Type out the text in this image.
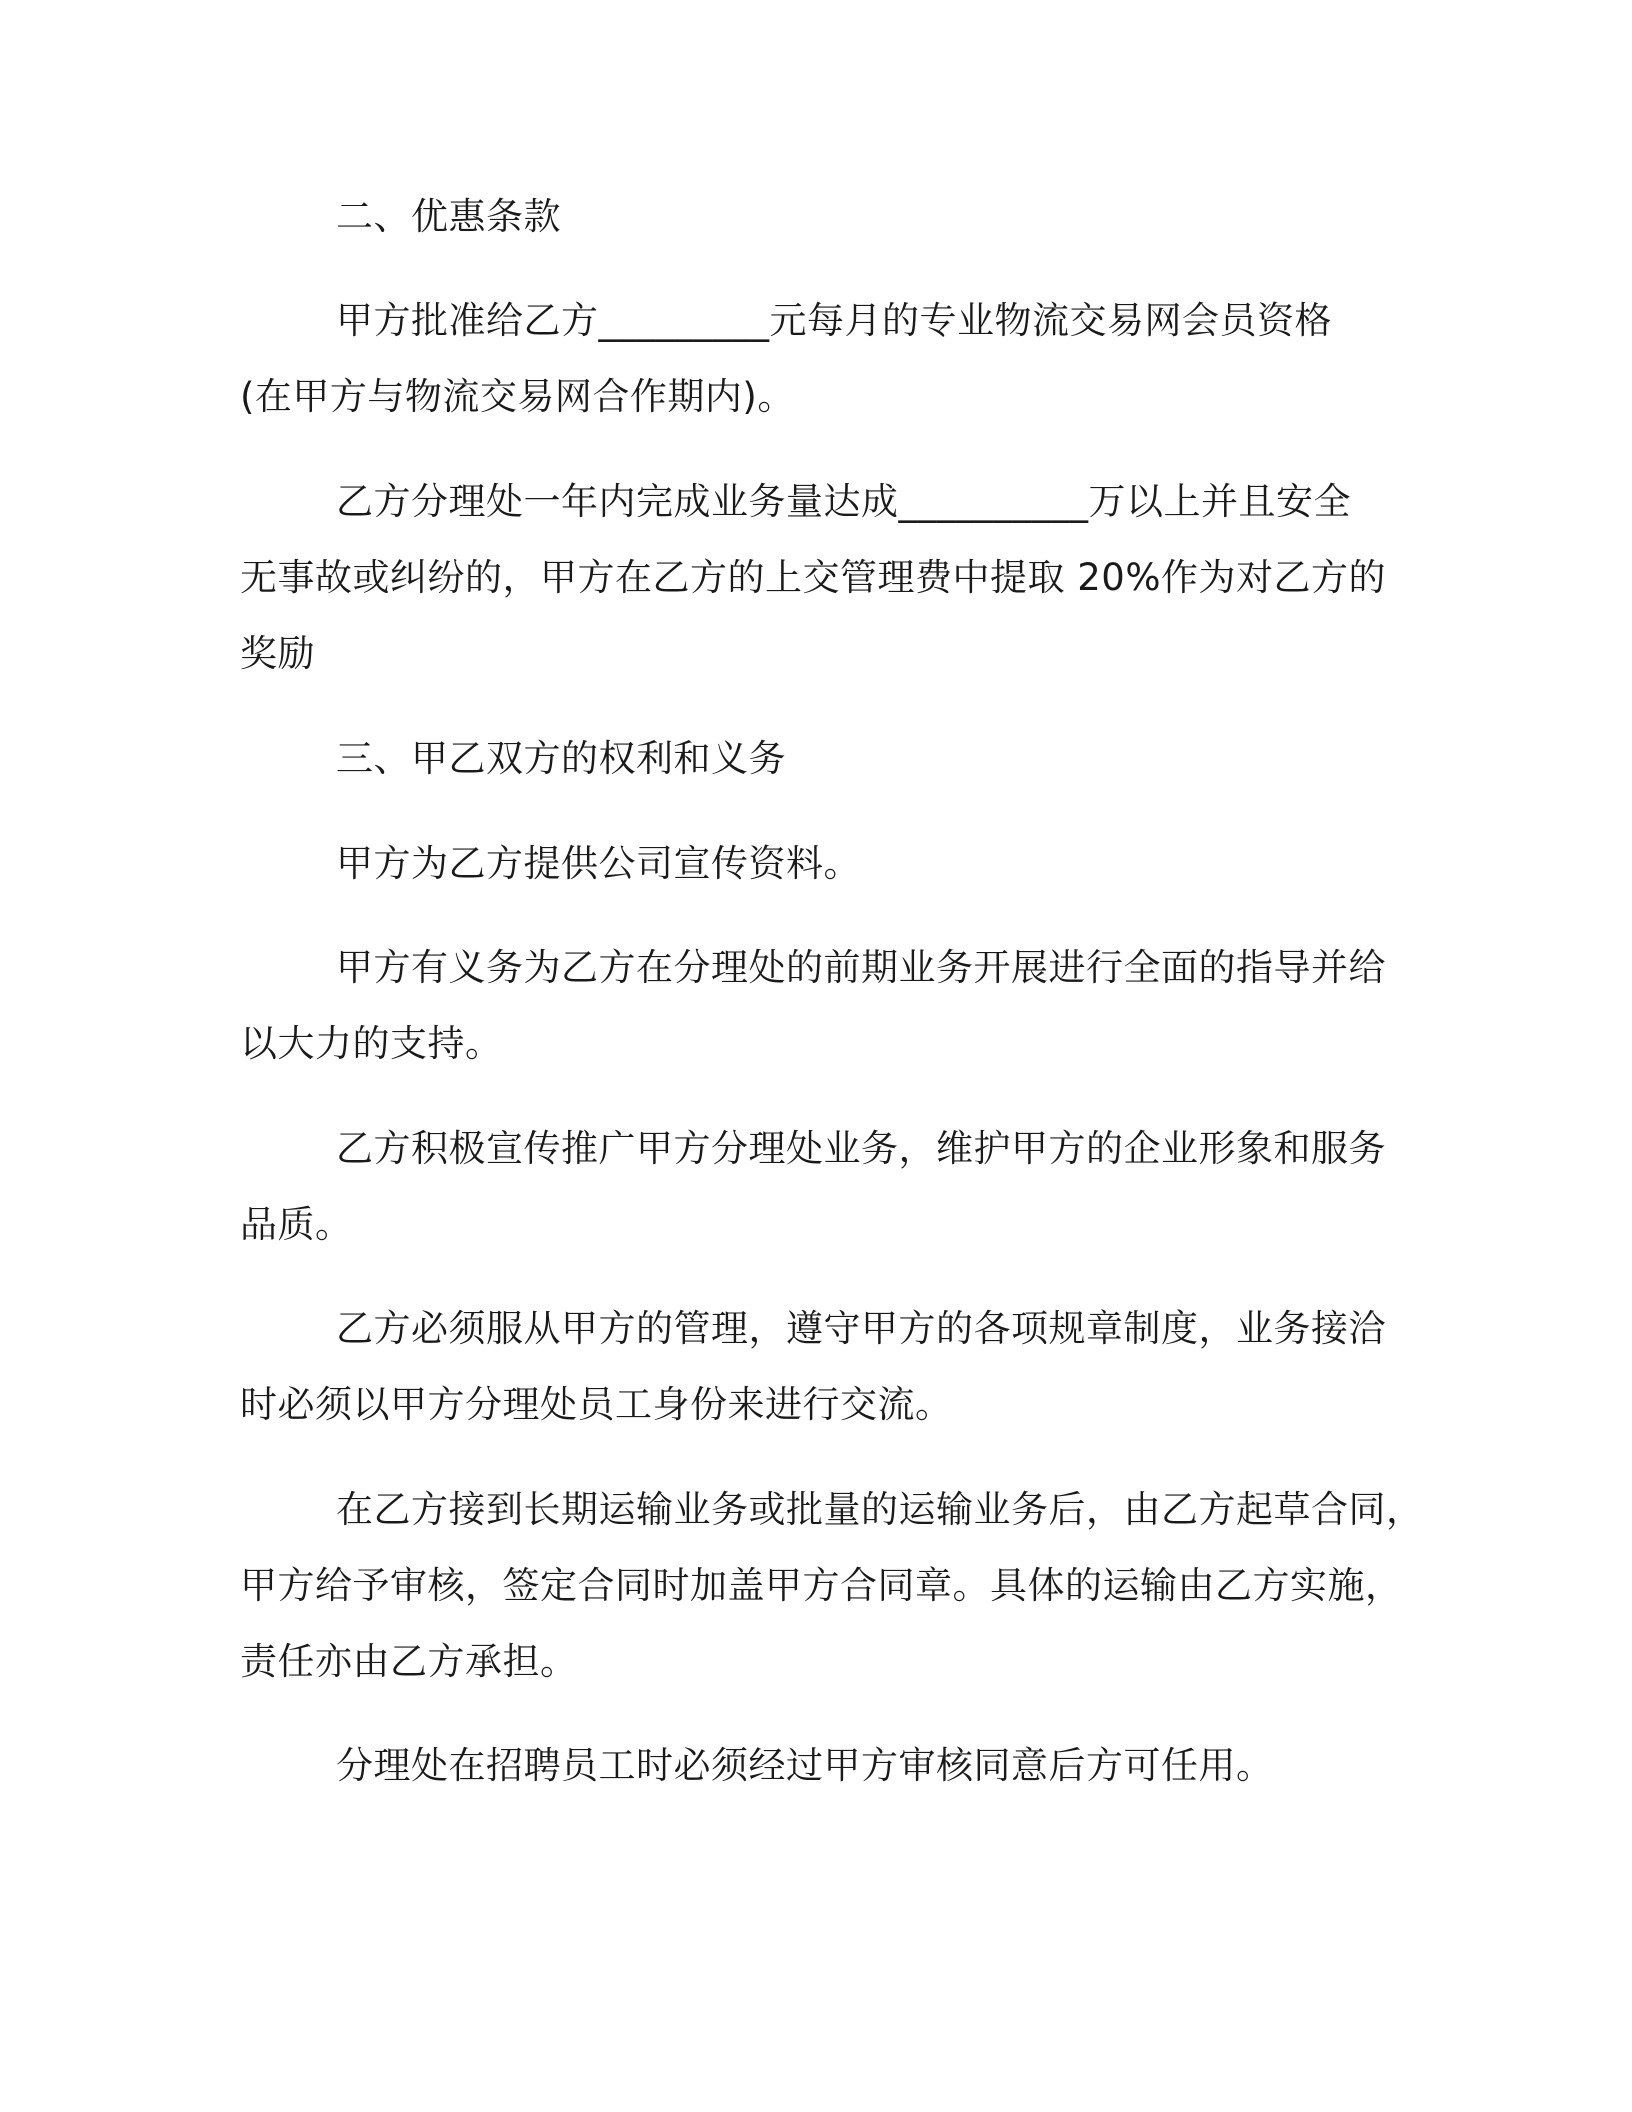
二、优惠条款
甲方批准给乙方_________元每月的专业物流交易网会员资格
(在甲方与物流交易网合作期内)。
乙方分理处一年内完成业务量达成__________万以上并且安全
无事故或纠纷的，甲方在乙方的上交管理费中提取 20%作为对乙方的
奖励
三、甲乙双方的权利和义务
甲方为乙方提供公司宣传资料。
甲方有义务为乙方在分理处的前期业务开展进行全面的指导并给
以大力的支持。
乙方积极宣传推广甲方分理处业务，维护甲方的企业形象和服务
品质。
乙方必须服从甲方的管理，遵守甲方的各项规章制度，业务接洽
时必须以甲方分理处员工身份来进行交流。
在乙方接到长期运输业务或批量的运输业务后，由乙方起草合同，
甲方给予审核，签定合同时加盖甲方合同章。具体的运输由乙方实施，
责任亦由乙方承担。
分理处在招聘员工时必须经过甲方审核同意后方可任用。
